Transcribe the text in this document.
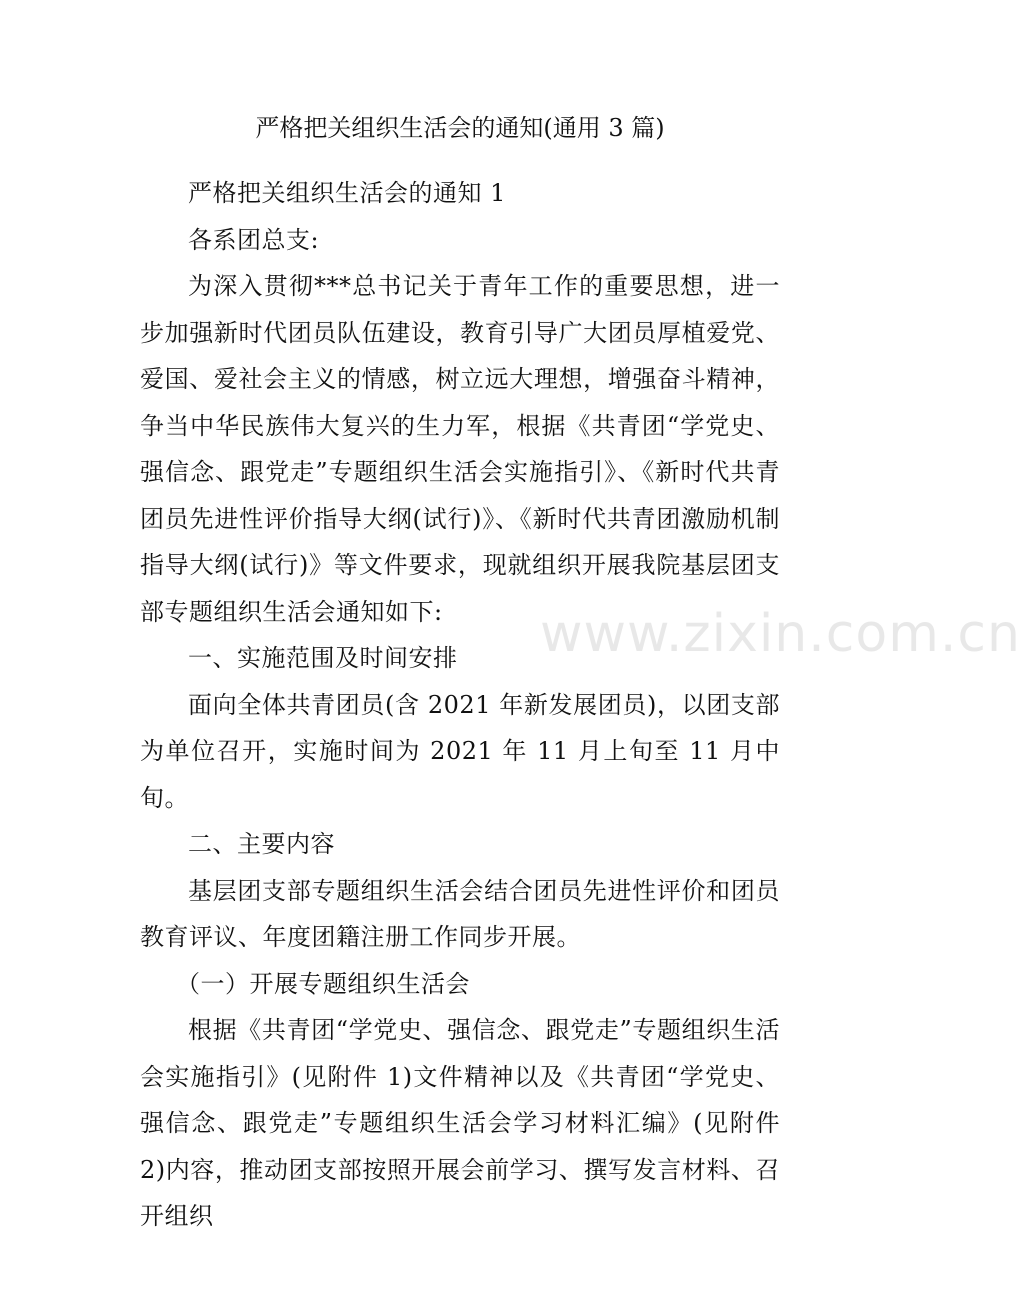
严格把关组织生活会的通知(通用 3 篇)

严格把关组织生活会的通知 1

各系团总支:

为深入贯彻***总书记关于青年工作的重要思想，进一步加强新时代团员队伍建设，教育引导广大团员厚植爱党、爱国、爱社会主义的情感，树立远大理想，增强奋斗精神，争当中华民族伟大复兴的生力军，根据《共青团“学党史、强信念、跟党走”专题组织生活会实施指引》、《新时代共青团员先进性评价指导大纲(试行)》、《新时代共青团激励机制指导大纲(试行)》等文件要求，现就组织开展我院基层团支部专题组织生活会通知如下:

一、实施范围及时间安排

面向全体共青团员(含 2021 年新发展团员)，以团支部为单位召开，实施时间为 2021 年 11 月上旬至 11 月中旬。

二、主要内容

基层团支部专题组织生活会结合团员先进性评价和团员教育评议、年度团籍注册工作同步开展。

（一）开展专题组织生活会

根据《共青团“学党史、强信念、跟党走”专题组织生活会实施指引》(见附件 1)文件精神以及《共青团“学党史、强信念、跟党走”专题组织生活会学习材料汇编》(见附件 2)内容，推动团支部按照开展会前学习、撰写发言材料、召开组织

www.zixin.com.cn
